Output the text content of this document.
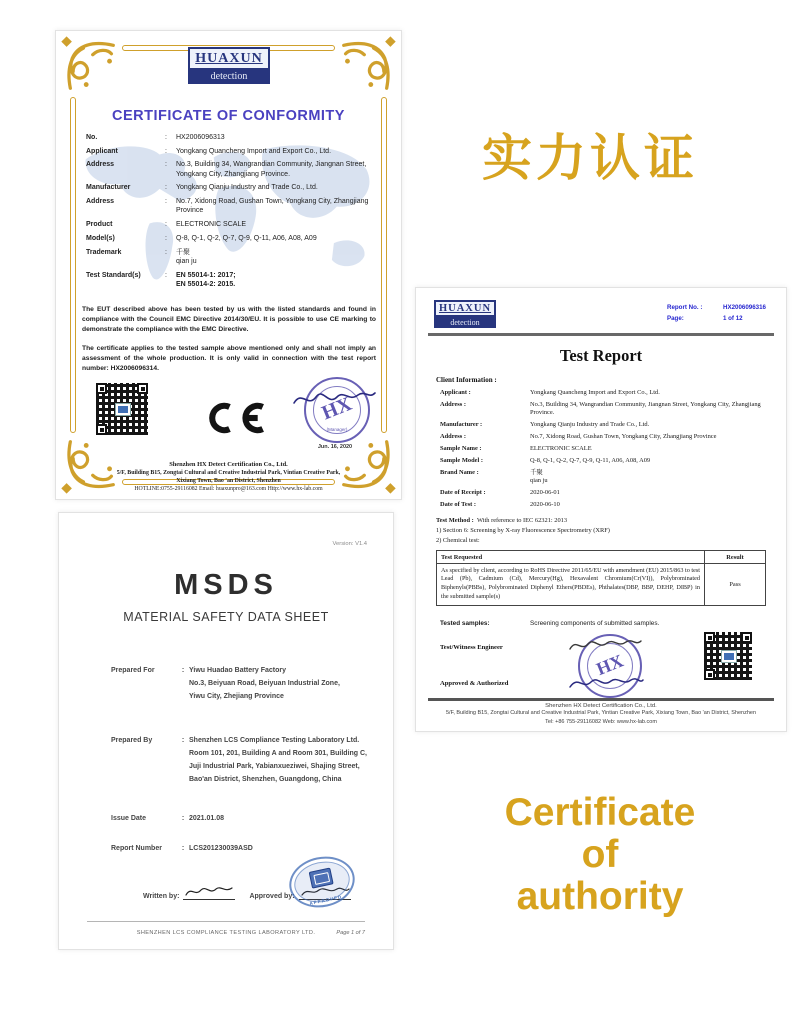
实力认证
HUAXUN
detection
CERTIFICATE OF CONFORMITY
No.	:	HX2006096313
Applicant	:	Yongkang Quancheng Import and Export Co., Ltd.
Address	:	No.3, Building 34, Wangrandian Community, Jiangnan Street, Yongkang City, Zhangjiang Province.
Manufacturer	:	Yongkang Qianju Industry and Trade Co., Ltd.
Address	:	No.7, Xidong Road, Gushan Town, Yongkang City, Zhangjiang Province
Product	:	ELECTRONIC SCALE
Model(s)	:	Q-8, Q-1, Q-2, Q-7, Q-9, Q-11, A06, A08, A09
Trademark	:	千聚
qian ju
Test Standard(s)	:	EN 55014-1: 2017;
EN 55014-2: 2015.
The EUT described above has been tested by us with the listed standards and found in compliance with the Council EMC Directive 2014/30/EU. It is possible to use CE marking to demonstrate the compliance with the EMC Directive.
The certificate applies to the tested sample above mentioned only and shall not imply an assessment of the whole production. It is only valid in connection with the test report number: HX2006096314.
HX
(Manager)
Jun. 16, 2020
Shenzhen HX Detect Certification Co., Ltd.
5/F, Building B15, Zongtai Cultural and Creative Industrial Park, Vintian Creative Park,
Xixiang Town, Bao 'an District, Shenzhen
HOTLINE:0755-29116082 Email: huaxunpro@163.com Http://www.hx-lab.com
HUAXUN
detection
Report No. :	HX2006096316
Page:	1 of 12
Test Report
Client Information :
Applicant :	Yongkang Quancheng Import and Export Co., Ltd.
Address :	No.3, Building 34, Wangrandian Community, Jiangnan Street, Yongkang City, Zhangjiang Province.
Manufacturer :	Yongkang Qianju Industry and Trade Co., Ltd.
Address :	No.7, Xidong Road, Gushan Town, Yongkang City, Zhangjiang Province
Sample Name :	ELECTRONIC SCALE
Sample Model :	Q-8, Q-1, Q-2, Q-7, Q-9, Q-11, A06, A08, A09
Brand Name :	千聚
qian ju
Date of Receipt :	2020-06-01
Date of Test :	2020-06-10
Test Method : With reference to IEC 62321: 2013
1) Section 6: Screening by X-ray Fluorescence Spectrometry (XRF)
2) Chemical test:
Test Requested	Result
As specified by client, according to RoHS Directive 2011/65/EU with amendment (EU) 2015/863 to test Lead (Pb), Cadmium (Cd), Mercury(Hg), Hexavalent Chromium(Cr(VI)), Polybrominated Biphenyls(PBBs), Polybrominated Diphenyl Ethers(PBDEs), Phthalates(DBP, BBP, DEHP, DIBP) in the submitted sample(s)	Pass
Tested samples:	Screening components of submitted samples.
Test/Witness Engineer
Approved & Authorized
HX
Shenzhen HX Detect Certification Co., Ltd.
5/F, Building B15, Zongtai Cultural and Creative Industrial Park, Yintian Creative Park, Xixiang Town, Bao 'an District, Shenzhen
Tel: +86 755-29116082 Web: www.hx-lab.com
Version: V1.4
MSDS
MATERIAL SAFETY DATA SHEET
Prepared For	: Yiwu Huadao Battery Factory
No.3, Beiyuan Road, Beiyuan Industrial Zone,
Yiwu City, Zhejiang Province
Prepared By	: Shenzhen LCS Compliance Testing Laboratory Ltd.
Room 101, 201, Building A and Room 301, Building C,
Juji Industrial Park, Yabianxueziwei, Shajing Street,
Bao'an District, Shenzhen, Guangdong, China
Issue Date	: 2021.01.08
Report Number	: LCS201230039ASD
Written by:	Approved by:	APPROVED
SHENZHEN LCS COMPLIANCE TESTING LABORATORY LTD.	Page 1 of 7
Certificate
of
authority
